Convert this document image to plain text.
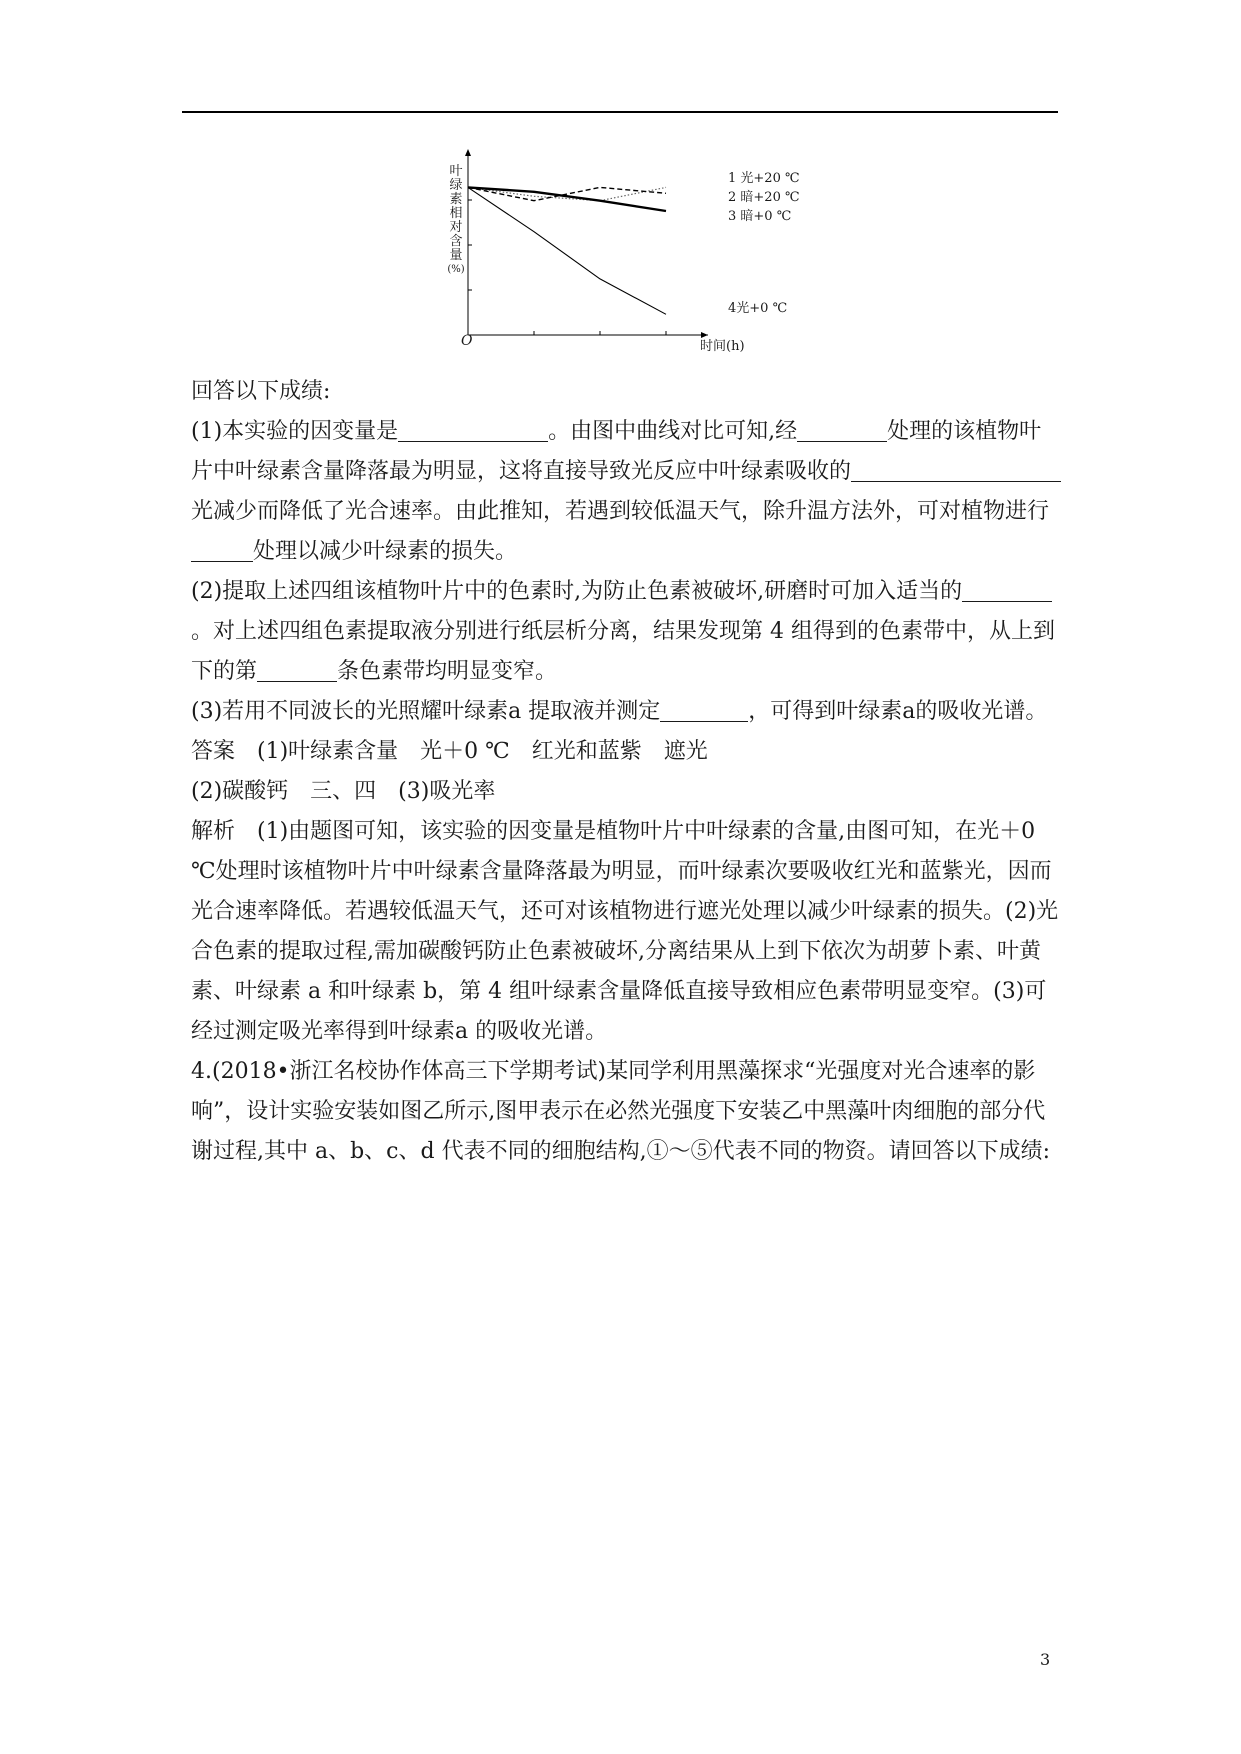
叶
绿
素
相
对
含
量
(%)
O	时间(h)
1 光+20 ℃
2 暗+20 ℃
3 暗+0 ℃
4光+0 ℃

回答以下成绩:

(1)本实验的因变量是	。由图中曲线对比可知,经	处理的该植物叶片中叶绿素含量降落最为明显，这将直接导致光反应中叶绿素吸收的光减少而降低了光合速率。由此推知，若遇到较低温天气，除升温方法外，可对植物进行处理以减少叶绿素的损失。

(2)提取上述四组该植物叶片中的色素时,为防止色素被破坏,研磨时可加入适当的。对上述四组色素提取液分别进行纸层析分离，结果发现第 4 组得到的色素带中，从上到下的第	条色素带均明显变窄。

(3)若用不同波长的光照耀叶绿素a 提取液并测定	，可得到叶绿素a的吸收光谱。

答案　(1)叶绿素含量　光＋0 ℃　红光和蓝紫　遮光

(2)碳酸钙　三、四　(3)吸光率

解析　(1)由题图可知，该实验的因变量是植物叶片中叶绿素的含量,由图可知，在光＋0 ℃处理时该植物叶片中叶绿素含量降落最为明显，而叶绿素次要吸收红光和蓝紫光，因而光合速率降低。若遇较低温天气，还可对该植物进行遮光处理以减少叶绿素的损失。(2)光合色素的提取过程,需加碳酸钙防止色素被破坏,分离结果从上到下依次为胡萝卜素、叶黄素、叶绿素 a 和叶绿素 b，第 4 组叶绿素含量降低直接导致相应色素带明显变窄。(3)可经过测定吸光率得到叶绿素a 的吸收光谱。

4.(2018•浙江名校协作体高三下学期考试)某同学利用黑藻探求“光强度对光合速率的影响”，设计实验安装如图乙所示,图甲表示在必然光强度下安装乙中黑藻叶肉细胞的部分代谢过程,其中 a、b、c、d 代表不同的细胞结构,①～⑤代表不同的物资。请回答以下成绩:

3
